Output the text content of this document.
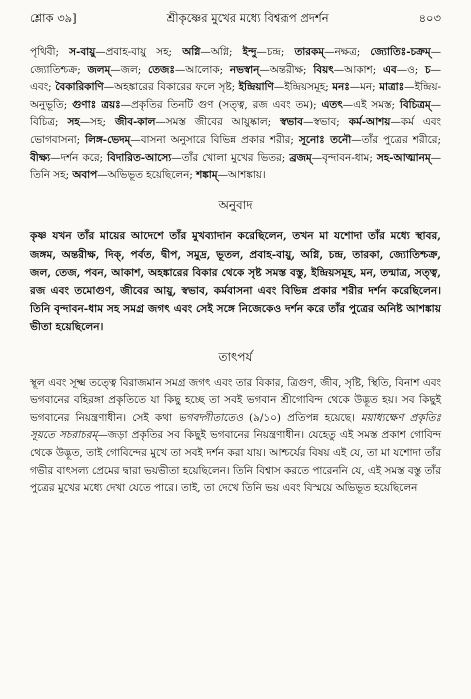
শ্লোক ৩৯]	শ্রীকৃষ্ণের মুখের মধ্যে বিশ্বরূপ প্রদর্শন	৪০৩

পৃথিবী; স-বায়ু—প্রবাহ-বায়ু সহ; অগ্নি—অগ্নি; ইন্দু—চন্দ্র; তারকম্—নক্ষত্র; জ্যোতিঃ-চক্রম্—জ্যোতিশ্চক্র; জলম্—জল; তেজঃ—আলোক; নভস্বান্—অন্তরীক্ষ; বিয়ৎ—আকাশ; এব—ও; চ—এবং; বৈকারিকাণি—অহঙ্কারের বিকারের ফলে সৃষ্ট; ইন্দ্রিয়াণি—ইন্দ্রিয়সমূহ; মনঃ—মন; মাত্রাঃ—ইন্দ্রিয়-অনুভূতি; গুণাঃ ত্রয়ঃ—প্রকৃতির তিনটি গুণ (সত্ত্ব, রজ এবং তম); এতৎ—এই সমস্ত; বিচিত্রম্—বিচিত্র; সহ—সহ; জীব-কাল—সমস্ত জীবের আয়ুষ্কাল; স্বভাব—স্বভাব; কর্ম-আশয়—কর্ম এবং ভোগবাসনা; লিঙ্গ-ভেদম্—বাসনা অনুসারে বিভিন্ন প্রকার শরীর; সূনোঃ তনৌ—তাঁর পুত্রের শরীরে; বীক্ষ্য—দর্শন করে; বিদারিত-আস্যে—তাঁর খোলা মুখের ভিতর; ব্রজম্—বৃন্দাবন-ধাম; সহ-আত্মানম্—তিনি সহ; অবাপ—অভিভূত হয়েছিলেন; শঙ্কাম্—আশঙ্কায়।

অনুবাদ

কৃষ্ণ যখন তাঁর মায়ের আদেশে তাঁর মুখব্যাদান করেছিলেন, তখন মা যশোদা তাঁর মধ্যে স্থাবর, জঙ্গম, অন্তরীক্ষ, দিক্, পর্বত, দ্বীপ, সমুদ্র, ভূতল, প্রবাহ-বায়ু, অগ্নি, চন্দ্র, তারকা, জ্যোতিশ্চক্র, জল, তেজ, পবন, আকাশ, অহঙ্কারের বিকার থেকে সৃষ্ট সমস্ত বস্তু, ইন্দ্রিয়সমূহ, মন, তন্মাত্র, সত্ত্ব, রজ এবং তমোগুণ, জীবের আয়ু, স্বভাব, কর্মবাসনা এবং বিভিন্ন প্রকার শরীর দর্শন করেছিলেন। তিনি বৃন্দাবন-ধাম সহ সমগ্র জগৎ এবং সেই সঙ্গে নিজেকেও দর্শন করে তাঁর পুত্রের অনিষ্ট আশঙ্কায় ভীতা হয়েছিলেন।

তাৎপর্য

স্থূল এবং সূক্ষ্ম তত্ত্বে বিরাজমান সমগ্র জগৎ এবং তার বিকার, ত্রিগুণ, জীব, সৃষ্টি, স্থিতি, বিনাশ এবং ভগবানের বহিরঙ্গা প্রকৃতিতে যা কিছু হচ্ছে তা সবই ভগবান শ্রীগোবিন্দ থেকে উদ্ভূত হয়। সব কিছুই ভগবানের নিয়ন্ত্রণাধীন। সেই কথা ভগবদ্গীতাতেও (৯/১০) প্রতিপন্ন হয়েছে। ময়াধ্যক্ষেণ প্রকৃতিঃ সূয়তে সচরাচরম্—জড়া প্রকৃতির সব কিছুই ভগবানের নিয়ন্ত্রণাধীন। যেহেতু এই সমস্ত প্রকাশ গোবিন্দ থেকে উদ্ভূত, তাই গোবিন্দের মুখে তা সবই দর্শন করা যায়। আশ্চর্যের বিষয় এই যে, তা মা যশোদা তাঁর গভীর বাৎসল্য প্রেমের দ্বারা ভয়ভীতা হয়েছিলেন। তিনি বিশ্বাস করতে পারেননি যে, এই সমস্ত বস্তু তাঁর পুত্রের মুখের মধ্যে দেখা যেতে পারে। তাই, তা দেখে তিনি ভয় এবং বিস্ময়ে অভিভূত হয়েছিলেন
